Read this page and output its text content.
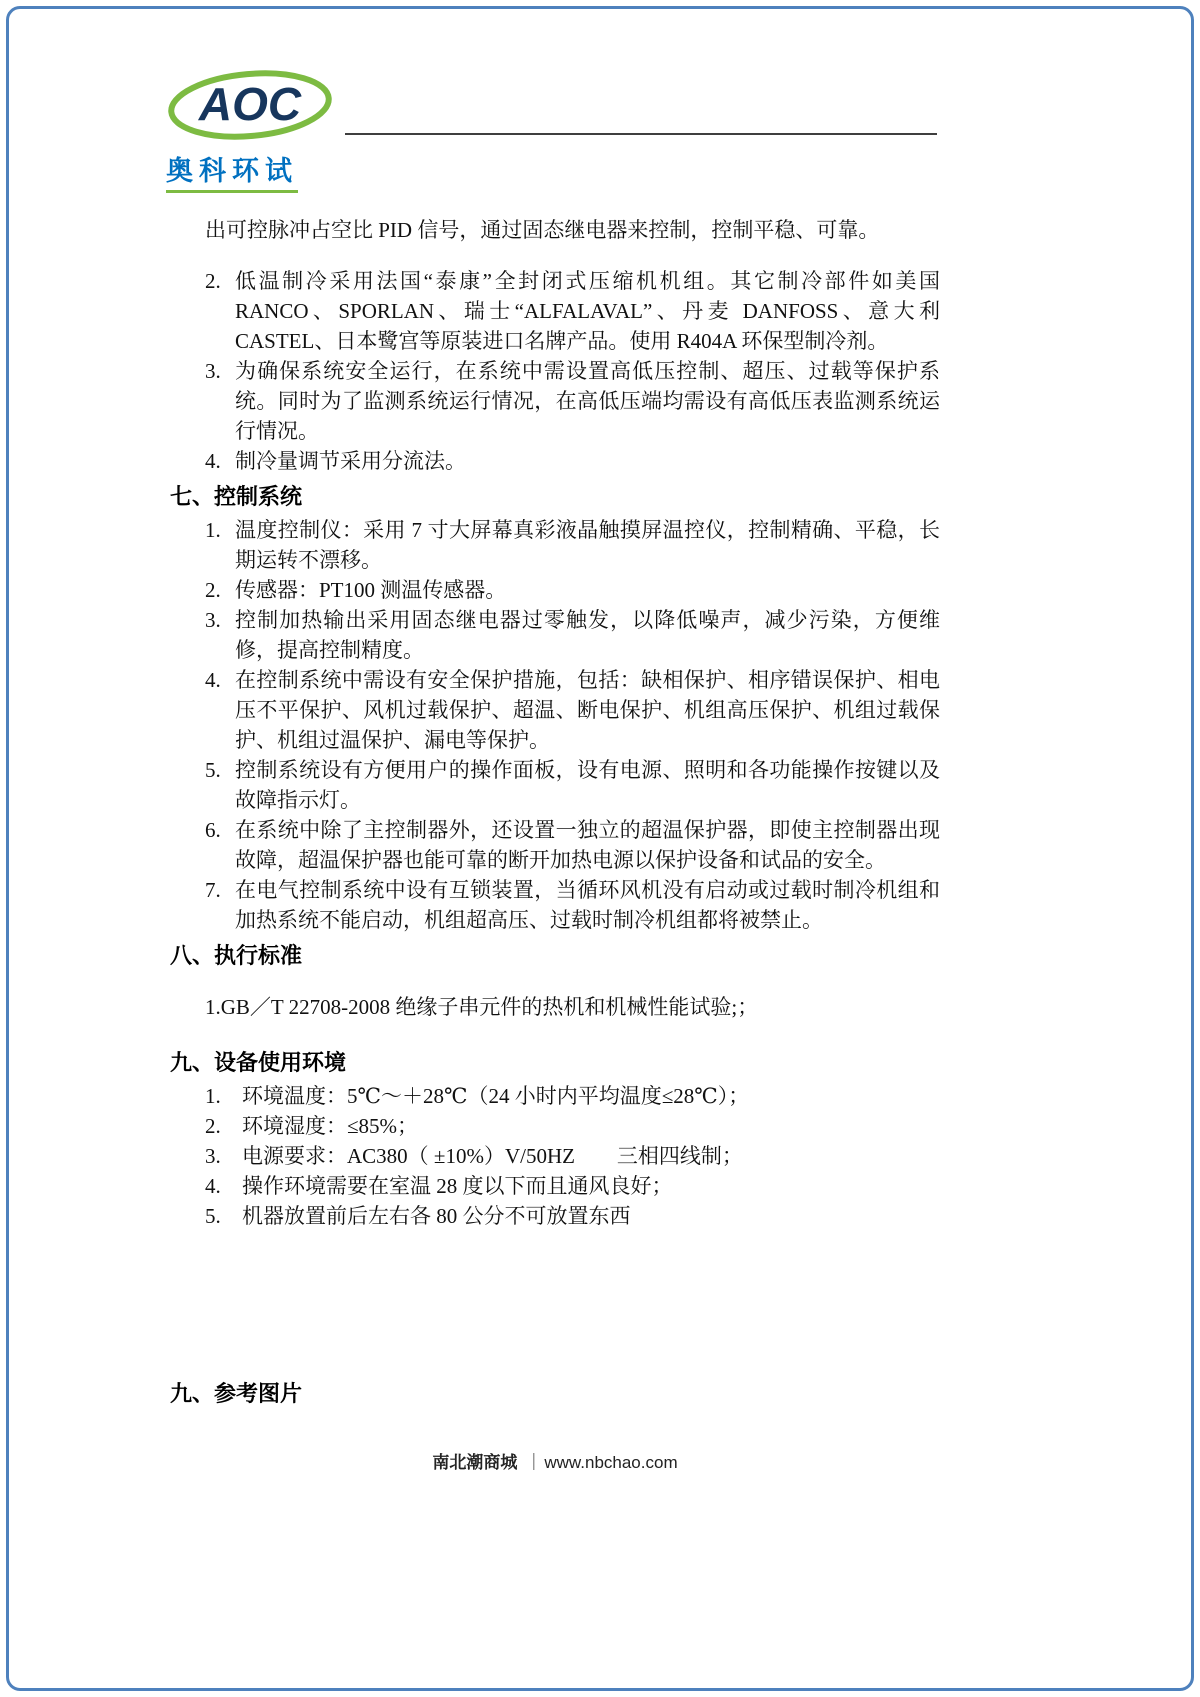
AOC
奥科环试

出可控脉冲占空比 PID 信号，通过固态继电器来控制，控制平稳、可靠。

2. 低温制冷采用法国“泰康”全封闭式压缩机机组。其它制冷部件如美国 RANCO、SPORLAN、瑞士“ALFALAVAL”、丹麦 DANFOSS、意大利 CASTEL、日本鹭宫等原装进口名牌产品。使用 R404A 环保型制冷剂。
3. 为确保系统安全运行，在系统中需设置高低压控制、超压、过载等保护系统。同时为了监测系统运行情况，在高低压端均需设有高低压表监测系统运行情况。
4. 制冷量调节采用分流法。
七、控制系统
1. 温度控制仪：采用 7 寸大屏幕真彩液晶触摸屏温控仪，控制精确、平稳，长期运转不漂移。
2. 传感器：PT100 测温传感器。
3. 控制加热输出采用固态继电器过零触发，以降低噪声，减少污染，方便维修，提高控制精度。
4. 在控制系统中需设有安全保护措施，包括：缺相保护、相序错误保护、相电压不平保护、风机过载保护、超温、断电保护、机组高压保护、机组过载保护、机组过温保护、漏电等保护。
5. 控制系统设有方便用户的操作面板，设有电源、照明和各功能操作按键以及故障指示灯。
6. 在系统中除了主控制器外，还设置一独立的超温保护器，即使主控制器出现故障，超温保护器也能可靠的断开加热电源以保护设备和试品的安全。
7. 在电气控制系统中设有互锁装置，当循环风机没有启动或过载时制冷机组和加热系统不能启动，机组超高压、过载时制冷机组都将被禁止。
八、执行标准

1.GB／T 22708-2008 绝缘子串元件的热机和机械性能试验;；

九、设备使用环境
1.	环境温度：5℃～＋28℃（24 小时内平均温度≤28℃）；
2.	环境湿度：≤85%；
3.	电源要求：AC380（ ±10%）V/50HZ　　三相四线制；
4.	操作环境需要在室温 28 度以下而且通风良好；
5.	机器放置前后左右各 80 公分不可放置东西
九、参考图片
南北潮商城 ｜ www.nbchao.com
